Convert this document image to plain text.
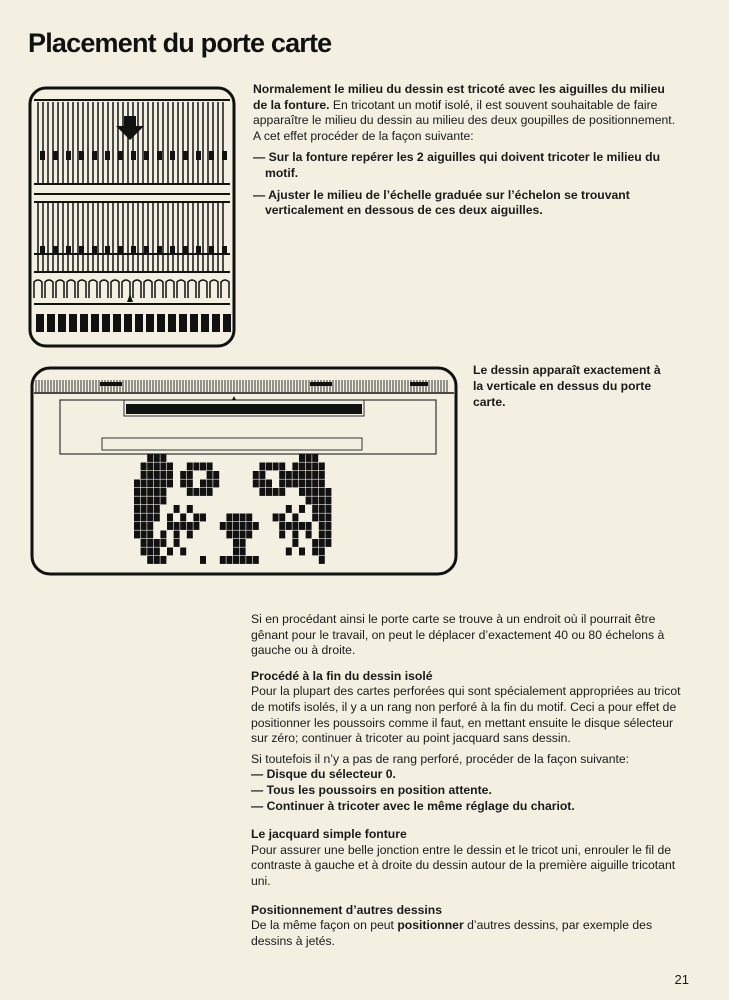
Placement du porte carte

Normalement le milieu du dessin est tricoté avec les aiguilles du milieu de la fonture. En tricotant un motif isolé, il est souvent souhaitable de faire apparaître le milieu du dessin au milieu des deux goupilles de positionnement. A cet effet procéder de la façon suivante:

— Sur la fonture repérer les 2 aiguilles qui doivent tricoter le milieu du motif.

— Ajuster le milieu de l’échelle graduée sur l’échelon se trouvant verticalement en dessous de ces deux aiguilles.

Le dessin apparaît exactement à la verticale en dessus du porte carte.

Si en procédant ainsi le porte carte se trouve à un endroit où il pourrait être gênant pour le travail, on peut le déplacer d’exactement 40 ou 80 échelons à gauche ou à droite.

Procédé à la fin du dessin isolé

Pour la plupart des cartes perforées qui sont spécialement appropriées au tricot de motifs isolés, il y a un rang non perforé à la fin du motif. Ceci a pour effet de positionner les poussoirs comme il faut, en mettant ensuite le disque sélecteur sur zéro; continuer à tricoter au point jacquard sans dessin.

Si toutefois il n’y a pas de rang perforé, procéder de la façon suivante:

— Disque du sélecteur 0.

— Tous les poussoirs en position attente.

— Continuer à tricoter avec le même réglage du chariot.

Le jacquard simple fonture

Pour assurer une belle jonction entre le dessin et le tricot uni, enrouler le fil de contraste à gauche et à droite du dessin autour de la première aiguille tricotant uni.

Positionnement d’autres dessins

De la même façon on peut positionner d’autres dessins, par exemple des dessins à jetés.

21
